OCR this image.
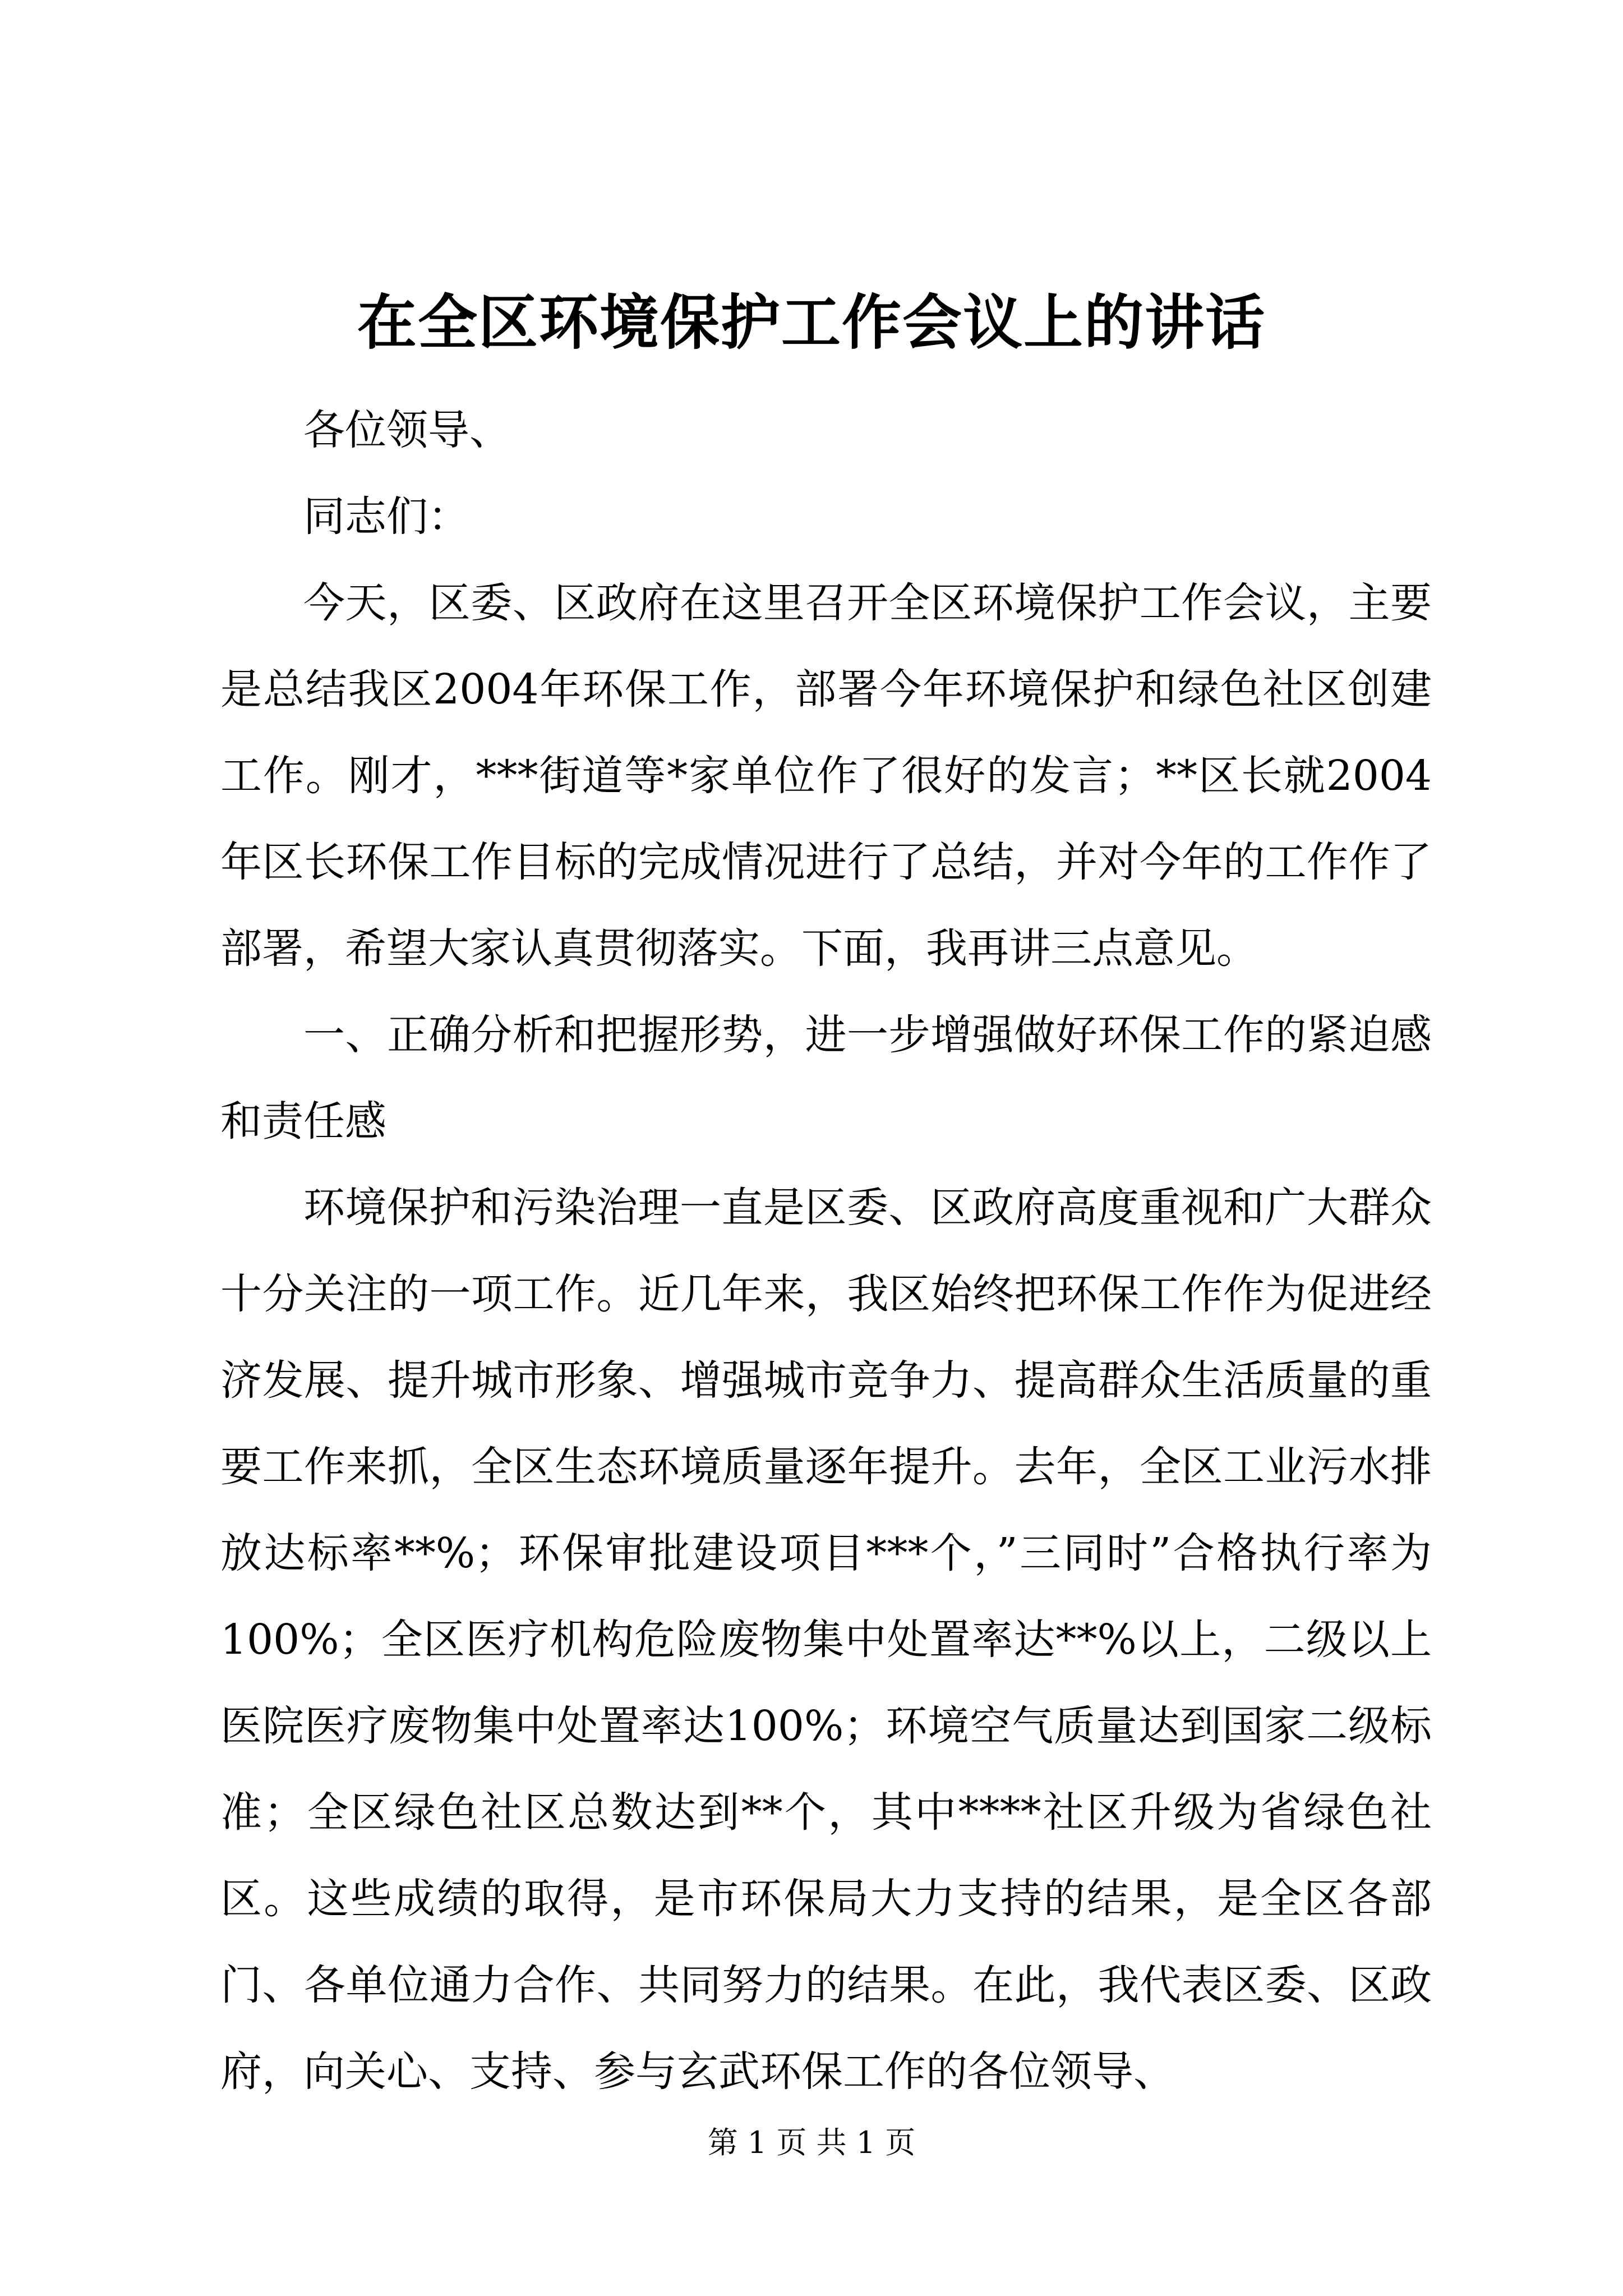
在全区环境保护工作会议上的讲话

各位领导、

同志们：

今天，区委、区政府在这里召开全区环境保护工作会议，主要是总结我区2004年环保工作，部署今年环境保护和绿色社区创建工作。刚才，***街道等*家单位作了很好的发言；**区长就2004年区长环保工作目标的完成情况进行了总结，并对今年的工作作了部署，希望大家认真贯彻落实。下面，我再讲三点意见。

一、正确分析和把握形势，进一步增强做好环保工作的紧迫感和责任感

环境保护和污染治理一直是区委、区政府高度重视和广大群众十分关注的一项工作。近几年来，我区始终把环保工作作为促进经济发展、提升城市形象、增强城市竞争力、提高群众生活质量的重要工作来抓，全区生态环境质量逐年提升。去年，全区工业污水排放达标率**%；环保审批建设项目***个，”三同时”合格执行率为100%；全区医疗机构危险废物集中处置率达**%以上，二级以上医院医疗废物集中处置率达100%；环境空气质量达到国家二级标准；全区绿色社区总数达到**个，其中****社区升级为省绿色社区。这些成绩的取得，是市环保局大力支持的结果，是全区各部门、各单位通力合作、共同努力的结果。在此，我代表区委、区政府，向关心、支持、参与玄武环保工作的各位领导、

第 1 页 共 1 页
